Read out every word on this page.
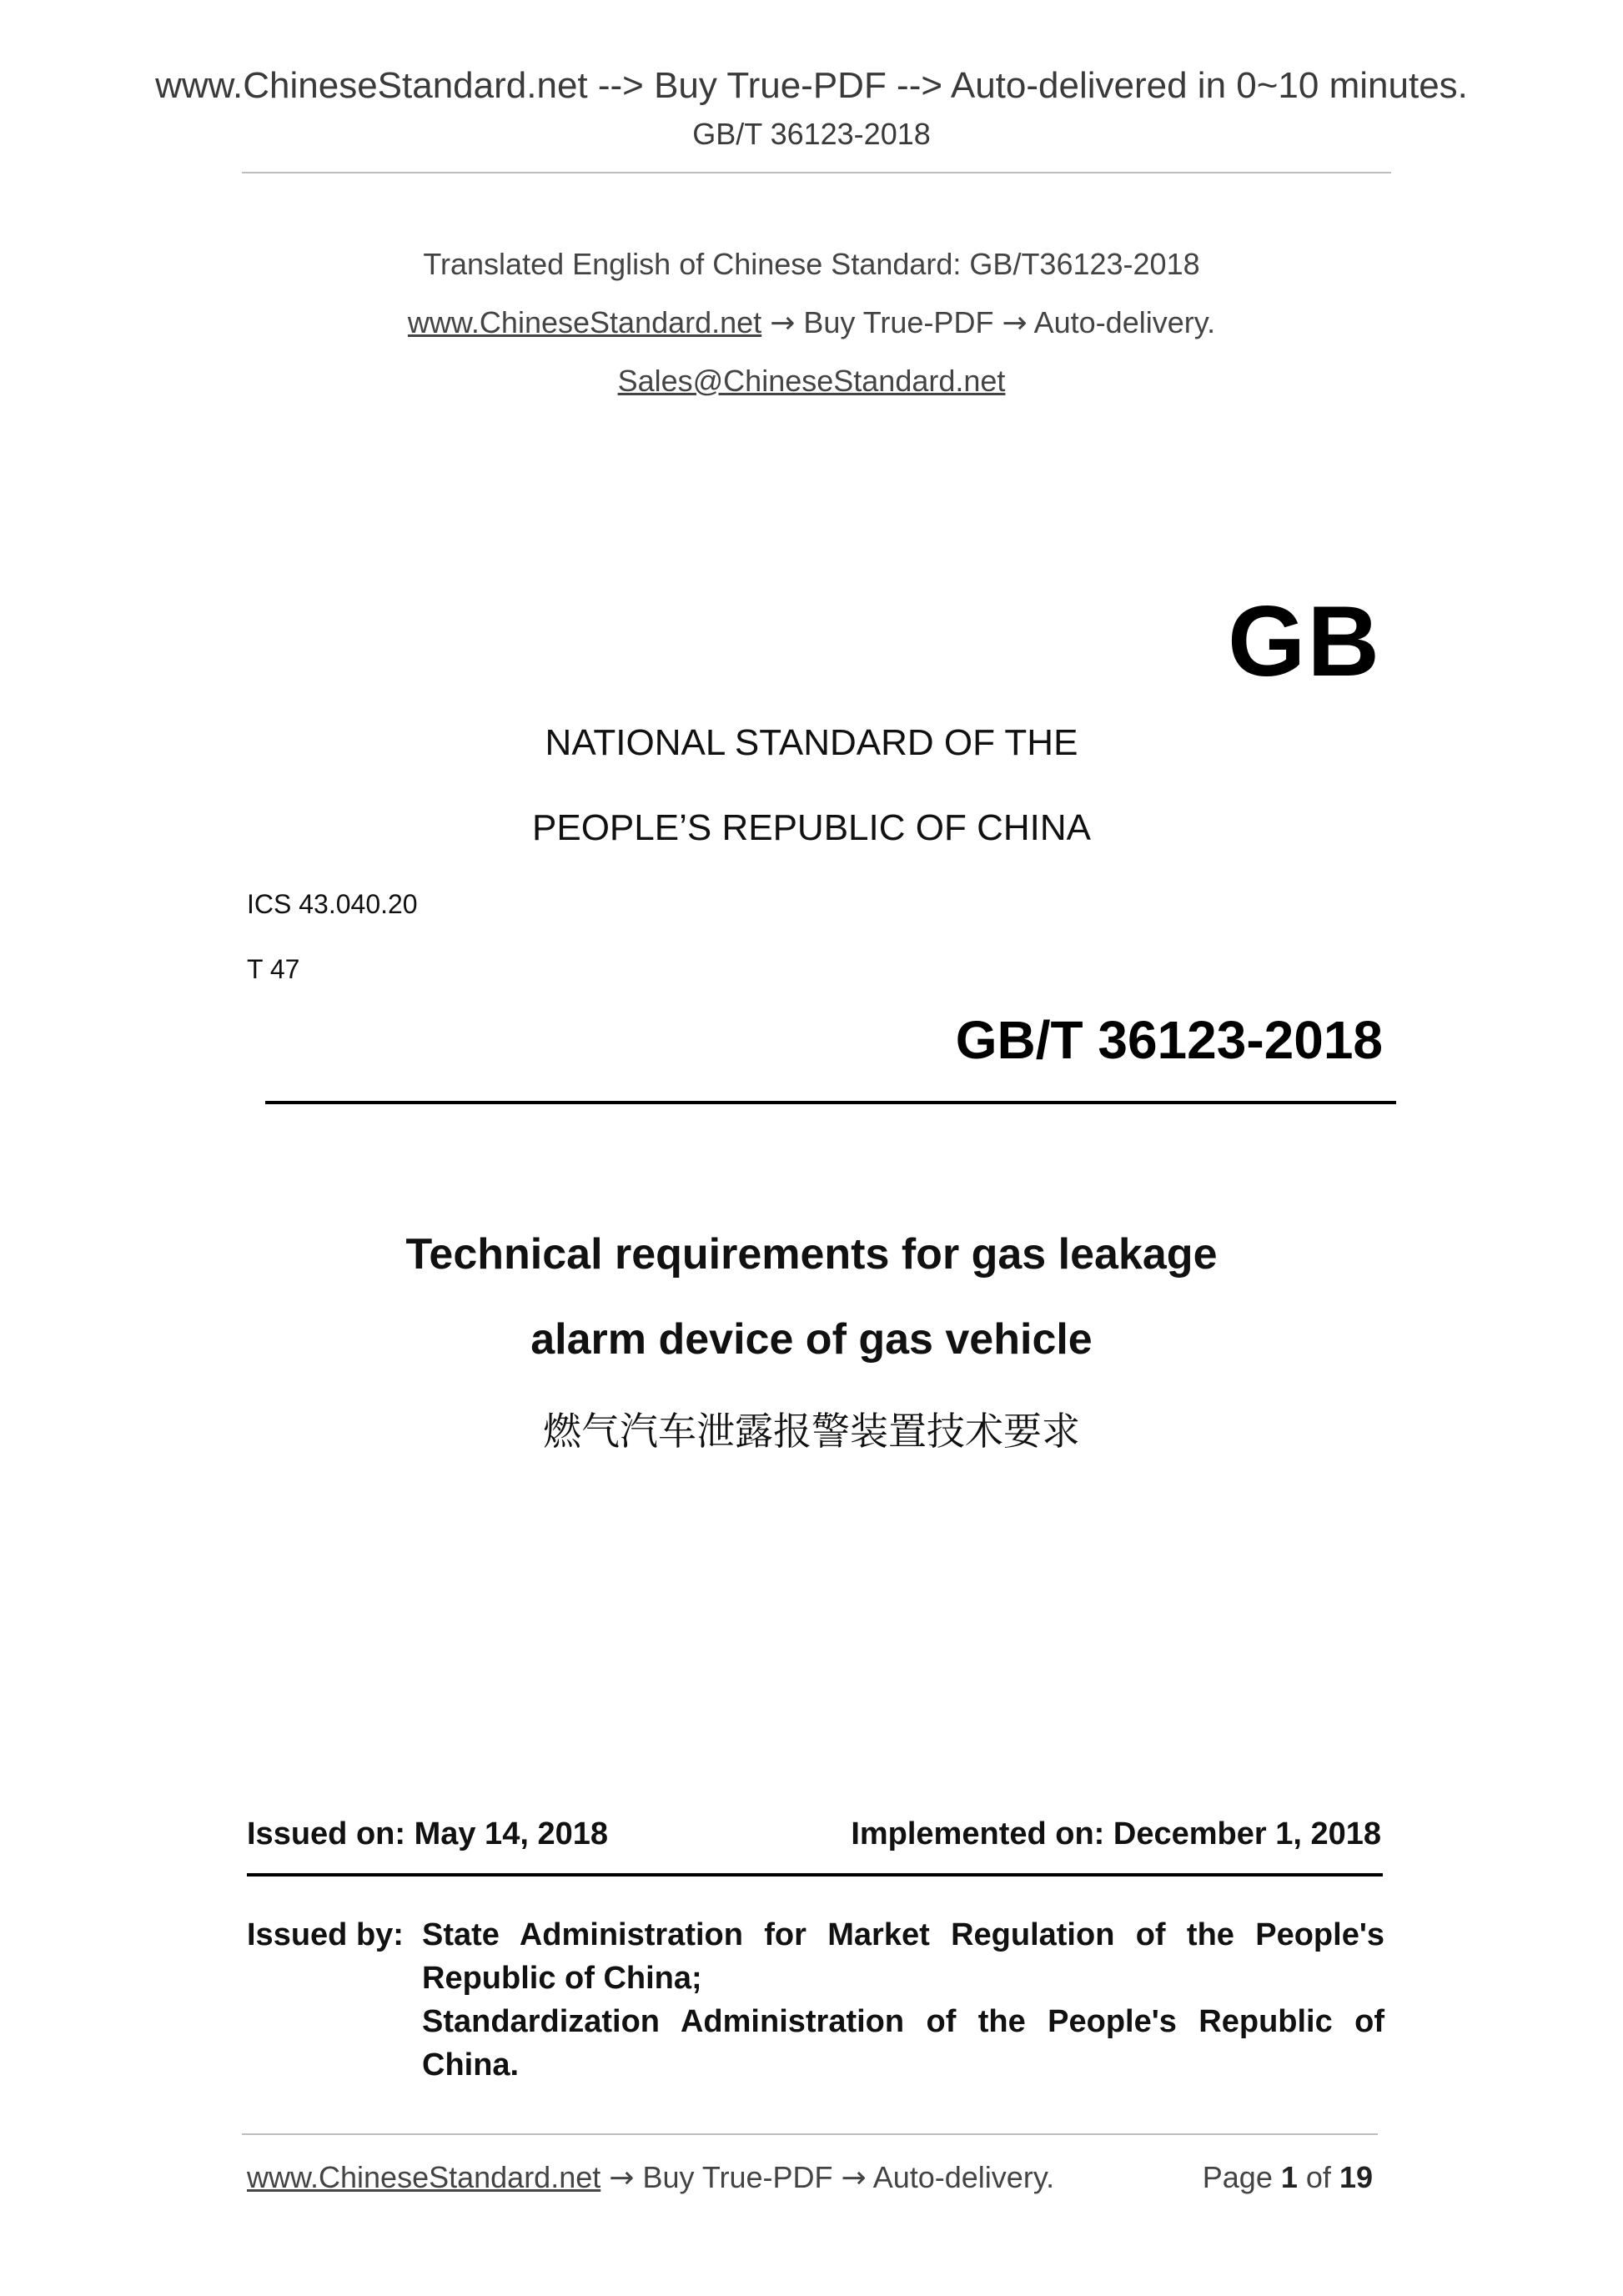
www.ChineseStandard.net --> Buy True-PDF --> Auto-delivered in 0~10 minutes.
GB/T 36123-2018
Translated English of Chinese Standard: GB/T36123-2018
www.ChineseStandard.net → Buy True-PDF → Auto-delivery.
Sales@ChineseStandard.net
GB
NATIONAL STANDARD OF THE
PEOPLE’S REPUBLIC OF CHINA
ICS 43.040.20
T 47
GB/T 36123-2018
Technical requirements for gas leakage
alarm device of gas vehicle
燃气汽车泄露报警装置技术要求
Issued on: May 14, 2018	Implemented on: December 1, 2018
Issued by: State Administration for Market Regulation of the People's Republic of China;

Standardization Administration of the People's Republic of China.

www.ChineseStandard.net → Buy True-PDF → Auto-delivery.	Page 1 of 19
